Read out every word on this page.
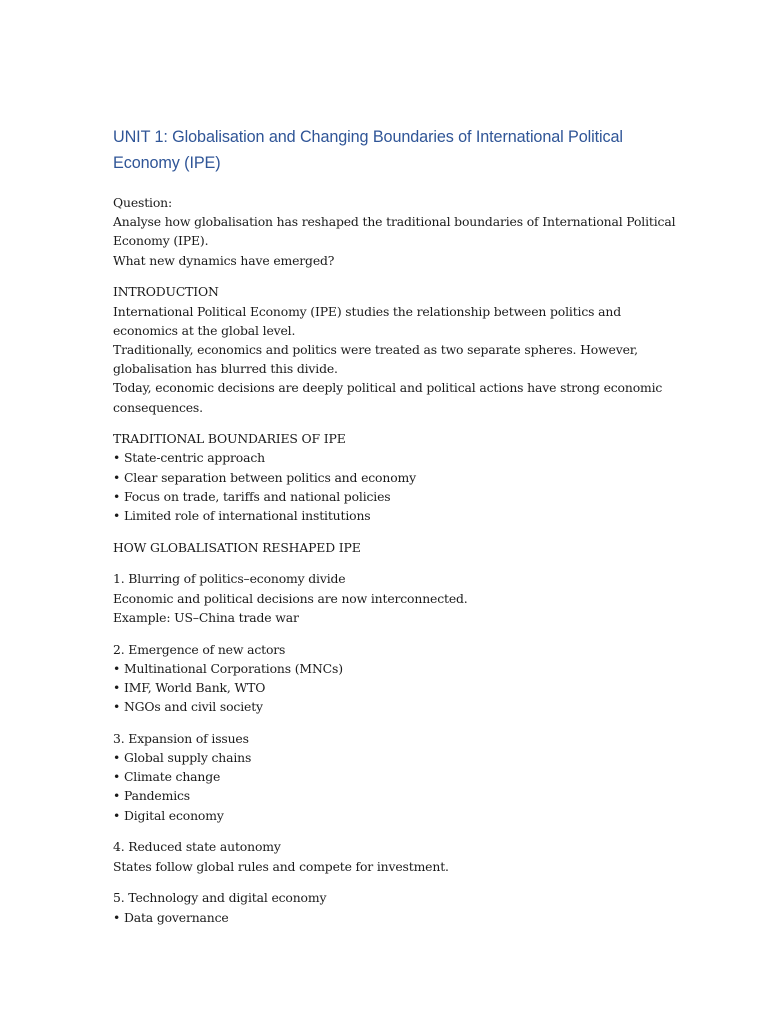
UNIT 1: Globalisation and Changing Boundaries of International Political
Economy (IPE)
Question:
Analyse how globalisation has reshaped the traditional boundaries of International Political
Economy (IPE).
What new dynamics have emerged?
INTRODUCTION
International Political Economy (IPE) studies the relationship between politics and
economics at the global level.
Traditionally, economics and politics were treated as two separate spheres. However,
globalisation has blurred this divide.
Today, economic decisions are deeply political and political actions have strong economic
consequences.
TRADITIONAL BOUNDARIES OF IPE
• State-centric approach
• Clear separation between politics and economy
• Focus on trade, tariffs and national policies
• Limited role of international institutions
HOW GLOBALISATION RESHAPED IPE
1. Blurring of politics–economy divide
Economic and political decisions are now interconnected.
Example: US–China trade war
2. Emergence of new actors
• Multinational Corporations (MNCs)
• IMF, World Bank, WTO
• NGOs and civil society
3. Expansion of issues
• Global supply chains
• Climate change
• Pandemics
• Digital economy
4. Reduced state autonomy
States follow global rules and compete for investment.
5. Technology and digital economy
• Data governance
